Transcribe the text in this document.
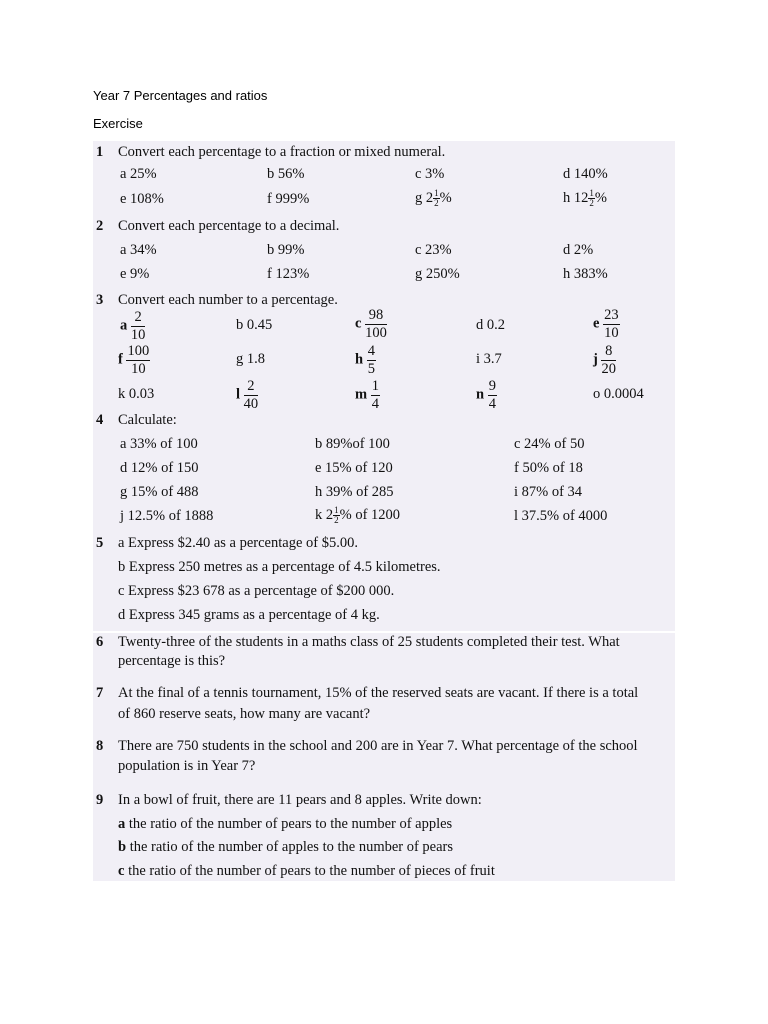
Year 7 Percentages and ratios
Exercise
1 Convert each percentage to a fraction or mixed numeral.
a 25%	b 56%	c 3%	d 140%
e 108%	f 999%	g $2 \frac{1}{2}$ %	h $12 \frac{1}{2}$ %
2 Convert each percentage to a decimal.
a 34%	b 99%	c 23%	d 2%
e 9%	f 123%	g 250%	h 383%
3 Convert each number to a percentage.
a $\frac{2}{10}$	b 0.45	c $\frac{98}{100}$	d 0.2	e $\frac{23}{10}$
f $\frac{100}{10}$	g 1.8	h $\frac{4}{5}$	i 3.7	j $\frac{8}{20}$
k 0.03	l $\frac{2}{40}$	m $\frac{1}{4}$	n $\frac{9}{4}$	o 0.0004
4 Calculate:
a 33% of 100	b 89%of 100	c 24% of 50
d 12% of 150	e 15% of 120	f 50% of 18
g 15% of 488	h 39% of 285	i 87% of 34
j 12.5% of 1888	k $2 \frac{1}{2}$ % of 1200	l 37.5% of 4000
5 a Express $2.40 as a percentage of $5.00.
b Express 250 metres as a percentage of 4.5 kilometres.
c Express $23 678 as a percentage of $200 000.
d Express 345 grams as a percentage of 4 kg.
6 Twenty-three of the students in a maths class of 25 students completed their test. What
percentage is this?
7 At the final of a tennis tournament, 15% of the reserved seats are vacant. If there is a total
of 860 reserve seats, how many are vacant?
8 There are 750 students in the school and 200 are in Year 7. What percentage of the school
population is in Year 7?
9 In a bowl of fruit, there are 11 pears and 8 apples. Write down:
a the ratio of the number of pears to the number of apples
b the ratio of the number of apples to the number of pears
c the ratio of the number of pears to the number of pieces of fruit
